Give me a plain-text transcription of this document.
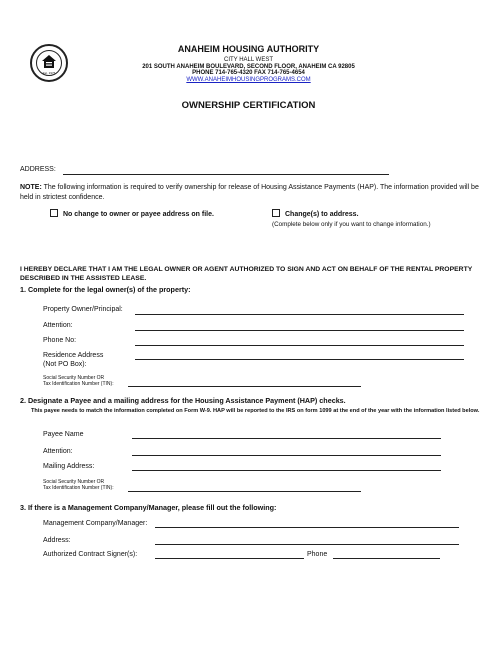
Est. 1976
ANAHEIM HOUSING AUTHORITY
CITY HALL WEST
201 SOUTH ANAHEIM BOULEVARD, SECOND FLOOR, ANAHEIM CA 92805
PHONE 714-765-4320 FAX 714-765-4654
WWW.ANAHEIMHOUSINGPROGRAMS.COM
OWNERSHIP CERTIFICATION
ADDRESS:
NOTE: The following information is required to verify ownership for release of Housing Assistance Payments (HAP). The information provided will be held in strictest confidence.
No change to owner or payee address on file.	Change(s) to address.
(Complete below only if you want to change information.)
I HEREBY DECLARE THAT I AM THE LEGAL OWNER OR AGENT AUTHORIZED TO SIGN AND ACT ON BEHALF OF THE RENTAL PROPERTY DESCRIBED IN THE ASSISTED LEASE.
1. Complete for the legal owner(s) of the property:
Property Owner/Principal:
Attention:
Phone No:
Residence Address
(Not PO Box):
Social Security Number OR
Tax Identification Number (TIN):
2. Designate a Payee and a mailing address for the Housing Assistance Payment (HAP) checks.
This payee needs to match the information completed on Form W-9. HAP will be reported to the IRS on form 1099 at the end of the year with the information listed below.
Payee Name
Attention:
Mailing Address:
Social Security Number OR
Tax Identification Number (TIN):
3. If there is a Management Company/Manager, please fill out the following:
Management Company/Manager:
Address:
Authorized Contract Signer(s):	Phone
